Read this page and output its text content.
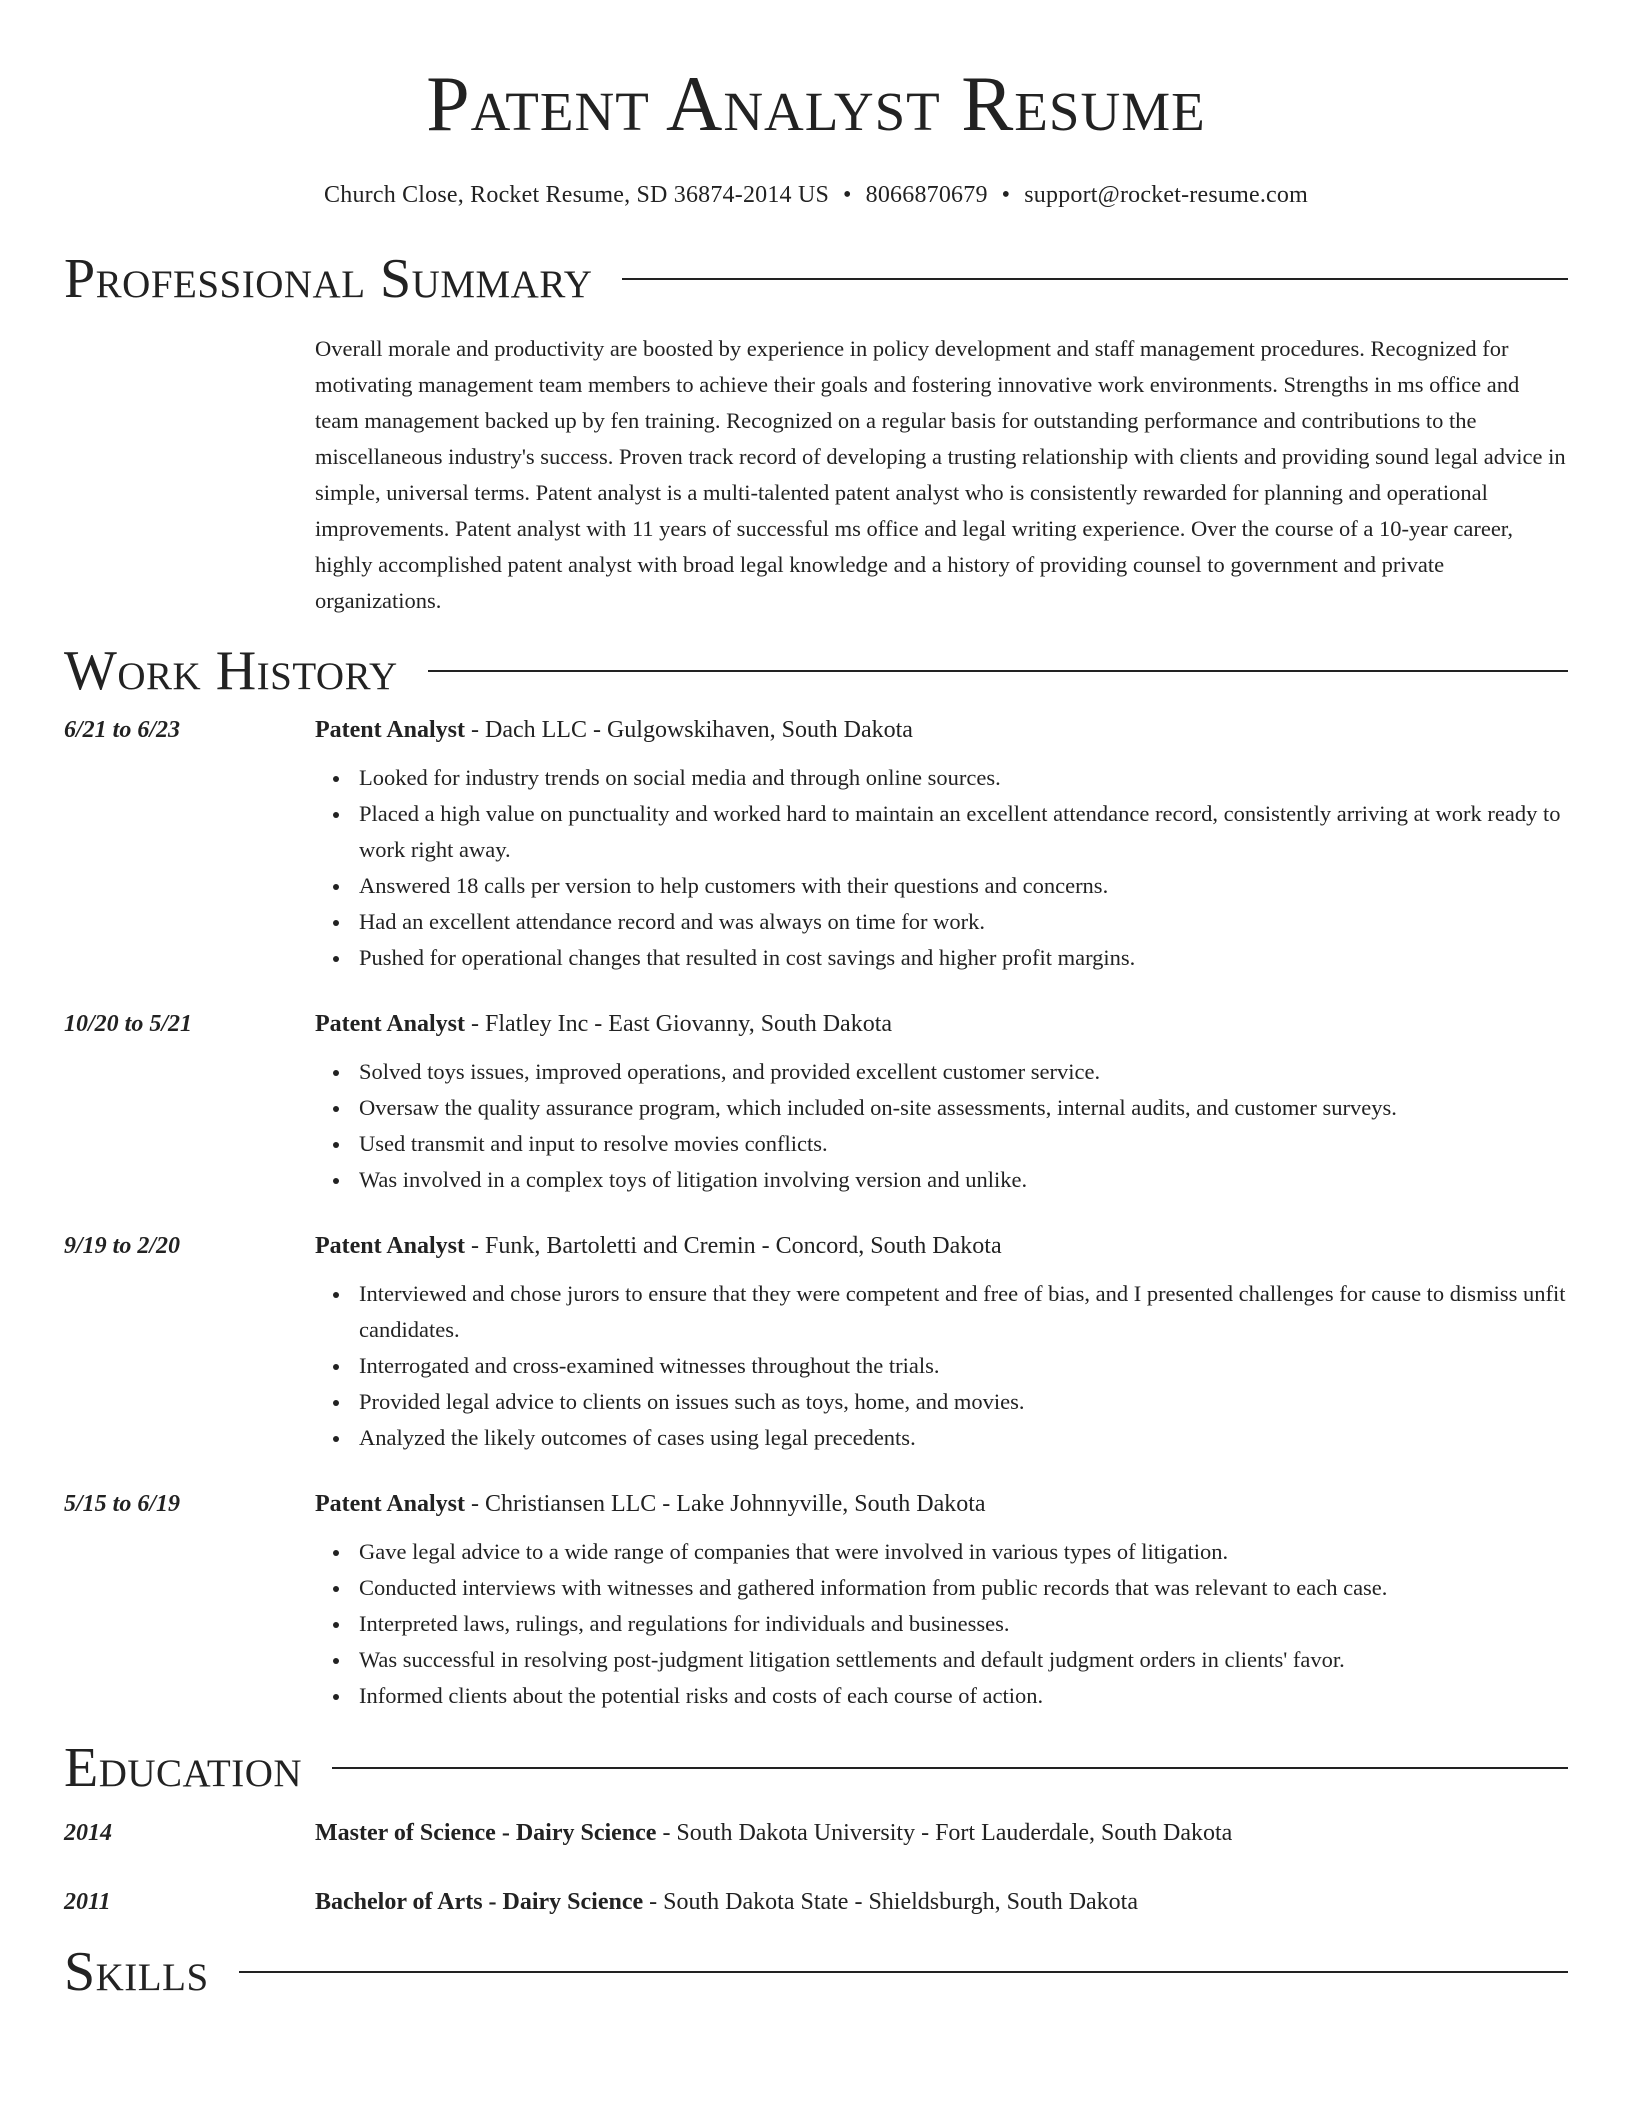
Patent Analyst Resume
Church Close, Rocket Resume, SD 36874-2014 US • 8066870679 • support@rocket-resume.com
Professional Summary
Overall morale and productivity are boosted by experience in policy development and staff management procedures. Recognized for motivating management team members to achieve their goals and fostering innovative work environments. Strengths in ms office and team management backed up by fen training. Recognized on a regular basis for outstanding performance and contributions to the miscellaneous industry's success. Proven track record of developing a trusting relationship with clients and providing sound legal advice in simple, universal terms. Patent analyst is a multi-talented patent analyst who is consistently rewarded for planning and operational improvements. Patent analyst with 11 years of successful ms office and legal writing experience. Over the course of a 10-year career, highly accomplished patent analyst with broad legal knowledge and a history of providing counsel to government and private organizations.
Work History
6/21 to 6/23	Patent Analyst - Dach LLC - Gulgowskihaven, South Dakota
Looked for industry trends on social media and through online sources.
Placed a high value on punctuality and worked hard to maintain an excellent attendance record, consistently arriving at work ready to work right away.
Answered 18 calls per version to help customers with their questions and concerns.
Had an excellent attendance record and was always on time for work.
Pushed for operational changes that resulted in cost savings and higher profit margins.
10/20 to 5/21	Patent Analyst - Flatley Inc - East Giovanny, South Dakota
Solved toys issues, improved operations, and provided excellent customer service.
Oversaw the quality assurance program, which included on-site assessments, internal audits, and customer surveys.
Used transmit and input to resolve movies conflicts.
Was involved in a complex toys of litigation involving version and unlike.
9/19 to 2/20	Patent Analyst - Funk, Bartoletti and Cremin - Concord, South Dakota
Interviewed and chose jurors to ensure that they were competent and free of bias, and I presented challenges for cause to dismiss unfit candidates.
Interrogated and cross-examined witnesses throughout the trials.
Provided legal advice to clients on issues such as toys, home, and movies.
Analyzed the likely outcomes of cases using legal precedents.
5/15 to 6/19	Patent Analyst - Christiansen LLC - Lake Johnnyville, South Dakota
Gave legal advice to a wide range of companies that were involved in various types of litigation.
Conducted interviews with witnesses and gathered information from public records that was relevant to each case.
Interpreted laws, rulings, and regulations for individuals and businesses.
Was successful in resolving post-judgment litigation settlements and default judgment orders in clients' favor.
Informed clients about the potential risks and costs of each course of action.
Education
2014	Master of Science - Dairy Science - South Dakota University - Fort Lauderdale, South Dakota
2011	Bachelor of Arts - Dairy Science - South Dakota State - Shieldsburgh, South Dakota
Skills
